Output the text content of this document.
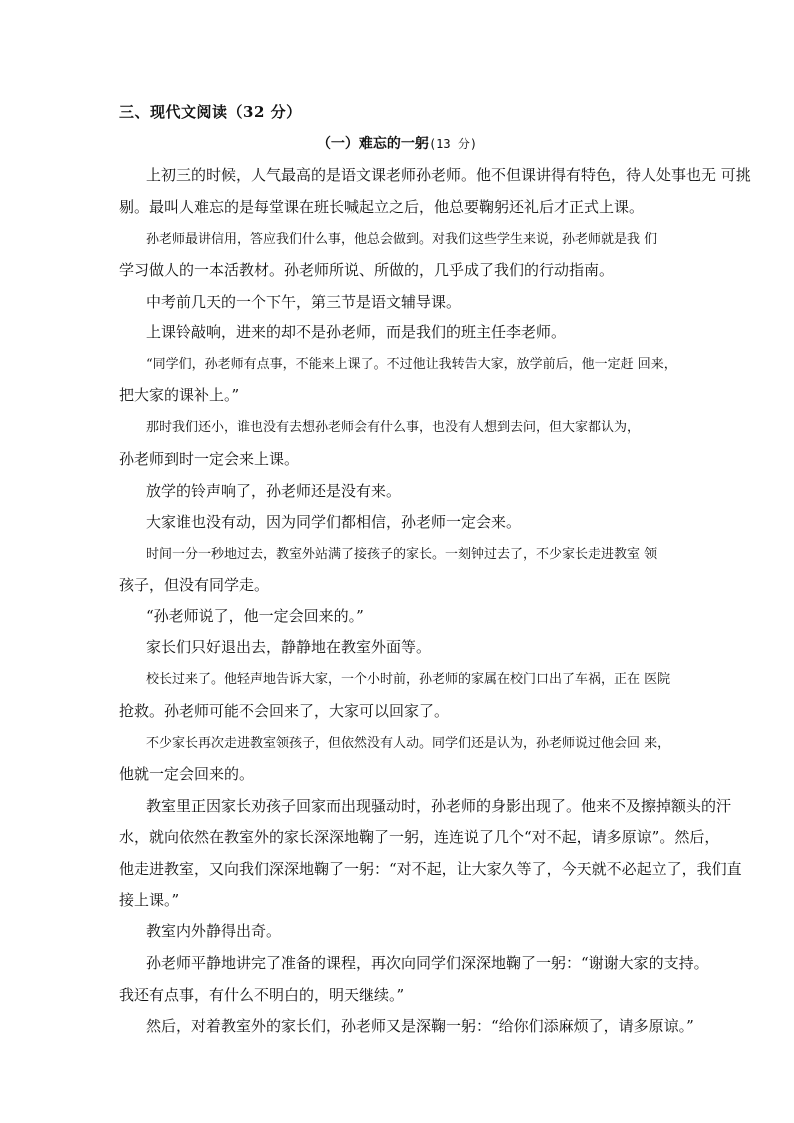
三、现代文阅读（32 分）
（一）难忘的一躬(13 分)
上初三的时候，人气最高的是语文课老师孙老师。他不但课讲得有特色，待人处事也无 可挑
剔。最叫人难忘的是每堂课在班长喊起立之后，他总要鞠躬还礼后才正式上课。
孙老师最讲信用，答应我们什么事，他总会做到。对我们这些学生来说，孙老师就是我 们
学习做人的一本活教材。孙老师所说、所做的，几乎成了我们的行动指南。
中考前几天的一个下午，第三节是语文辅导课。
上课铃敲响，进来的却不是孙老师，而是我们的班主任李老师。
“同学们，孙老师有点事，不能来上课了。不过他让我转告大家，放学前后，他一定赶 回来，
把大家的课补上。”
那时我们还小，谁也没有去想孙老师会有什么事，也没有人想到去问，但大家都认为，
孙老师到时一定会来上课。
放学的铃声响了，孙老师还是没有来。
大家谁也没有动，因为同学们都相信，孙老师一定会来。
时间一分一秒地过去，教室外站满了接孩子的家长。一刻钟过去了，不少家长走进教室 领
孩子，但没有同学走。
“孙老师说了，他一定会回来的。”
家长们只好退出去，静静地在教室外面等。
校长过来了。他轻声地告诉大家，一个小时前，孙老师的家属在校门口出了车祸，正在 医院
抢救。孙老师可能不会回来了，大家可以回家了。
不少家长再次走进教室领孩子，但依然没有人动。同学们还是认为，孙老师说过他会回 来，
他就一定会回来的。
教室里正因家长劝孩子回家而出现骚动时，孙老师的身影出现了。他来不及擦掉额头的汗
水，就向依然在教室外的家长深深地鞠了一躬，连连说了几个“对不起，请多原谅”。然后，
他走进教室，又向我们深深地鞠了一躬：“对不起，让大家久等了，今天就不必起立了，我们直
接上课。”
教室内外静得出奇。
孙老师平静地讲完了准备的课程，再次向同学们深深地鞠了一躬：“谢谢大家的支持。
我还有点事，有什么不明白的，明天继续。”
然后，对着教室外的家长们，孙老师又是深鞠一躬：“给你们添麻烦了，请多原谅。”
